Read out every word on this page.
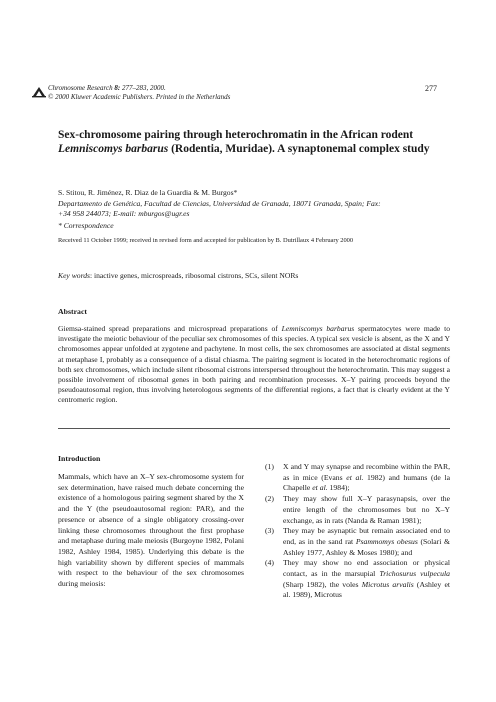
Chromosome Research 8: 277–283, 2000.
© 2000 Kluwer Academic Publishers. Printed in the Netherlands
277
Sex-chromosome pairing through heterochromatin in the African rodent
Lemniscomys barbarus (Rodentia, Muridae). A synaptonemal complex study
S. Stitou, R. Jiménez, R. Diaz de la Guardia & M. Burgos*
Departamento de Genética, Facultad de Ciencias, Universidad de Granada, 18071 Granada, Spain; Fax:
+34 958 244073; E-mail: mburgos@ugr.es
* Correspondence
Received 11 October 1999; received in revised form and accepted for publication by B. Dutrillaux 4 February 2000
Key words: inactive genes, microspreads, ribosomal cistrons, SCs, silent NORs
Abstract
Giemsa-stained spread preparations and microspread preparations of Lemniscomys barbarus spermatocytes were made to investigate the meiotic behaviour of the peculiar sex chromosomes of this species. A typical sex vesicle is absent, as the X and Y chromosomes appear unfolded at zygotene and pachytene. In most cells, the sex chromosomes are associated at distal segments at metaphase I, probably as a consequence of a distal chiasma. The pairing segment is located in the heterochromatic regions of both sex chromosomes, which include silent ribosomal cistrons interspersed throughout the heterochromatin. This may suggest a possible involvement of ribosomal genes in both pairing and recombination processes. X–Y pairing proceeds beyond the pseudoautosomal region, thus involving heterologous segments of the differential regions, a fact that is clearly evident at the Y centromeric region.
Introduction
Mammals, which have an X–Y sex-chromosome system for sex determination, have raised much debate concerning the existence of a homologous pairing segment shared by the X and the Y (the pseudoautosomal region: PAR), and the presence or absence of a single obligatory crossing-over linking these chromosomes throughout the first prophase and metaphase during male meiosis (Burgoyne 1982, Polani 1982, Ashley 1984, 1985). Underlying this debate is the high variability shown by different species of mammals with respect to the behaviour of the sex chromosomes during meiosis:
(1) X and Y may synapse and recombine within the PAR, as in mice (Evans et al. 1982) and humans (de la Chapelle et al. 1984);
(2) They may show full X–Y parasynapsis, over the entire length of the chromosomes but no X–Y exchange, as in rats (Nanda & Raman 1981);
(3) They may be asynaptic but remain associated end to end, as in the sand rat Psammomys obesus (Solari & Ashley 1977, Ashley & Moses 1980); and
(4) They may show no end association or physical contact, as in the marsupial Trichosurus vulpecula (Sharp 1982), the voles Microtus arvalis (Ashley et al. 1989), Microtus
